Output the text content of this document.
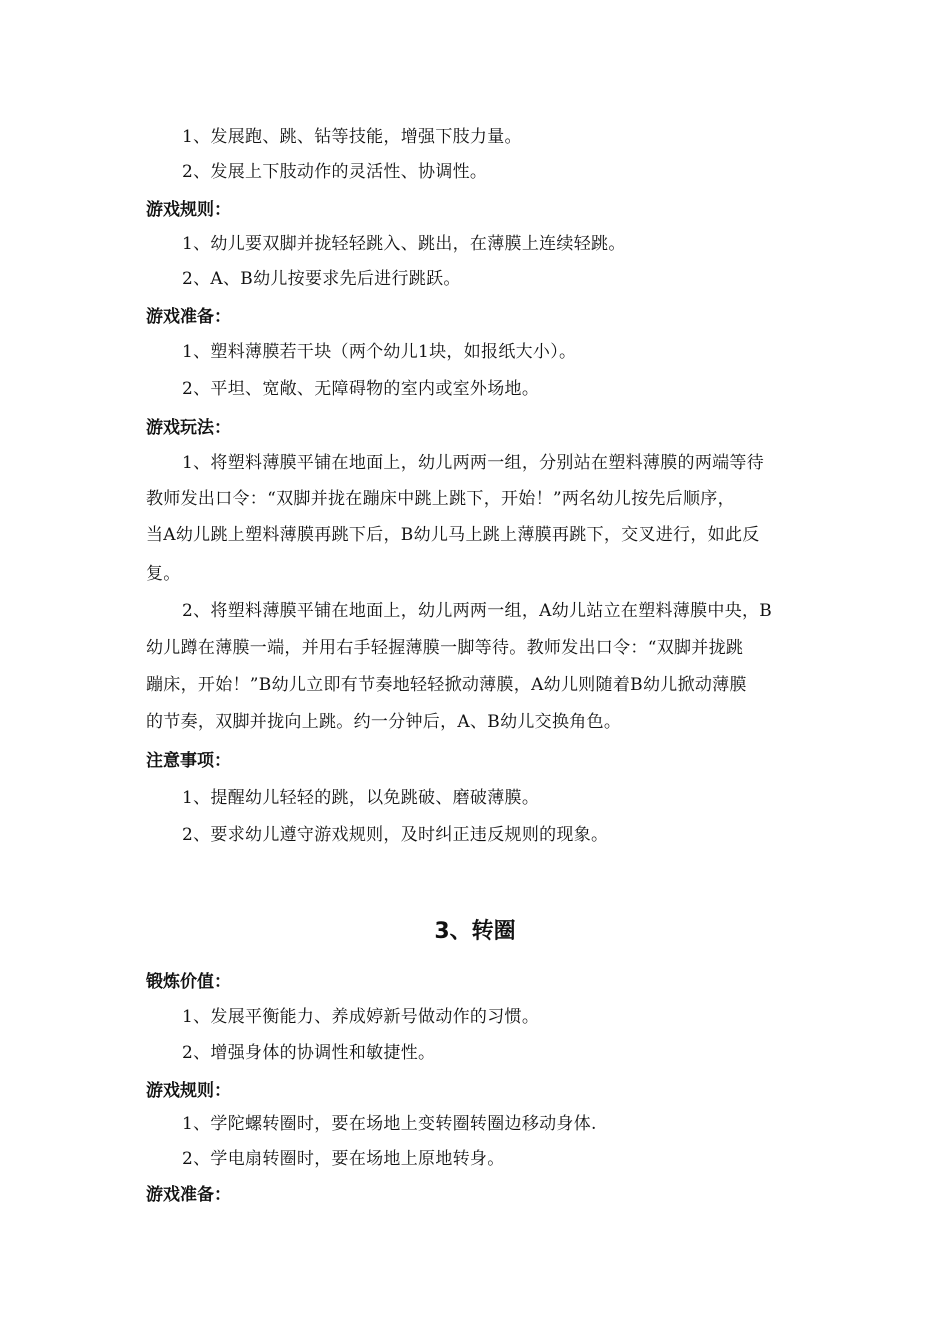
1、发展跑、跳、钻等技能，增强下肢力量。
2、发展上下肢动作的灵活性、协调性。
游戏规则：
1、幼儿要双脚并拢轻轻跳入、跳出，在薄膜上连续轻跳。
2、A、B幼儿按要求先后进行跳跃。
游戏准备：
1、塑料薄膜若干块（两个幼儿1块，如报纸大小）。
2、平坦、宽敞、无障碍物的室内或室外场地。
游戏玩法：
1、将塑料薄膜平铺在地面上，幼儿两两一组，分别站在塑料薄膜的两端等待
教师发出口令：“双脚并拢在蹦床中跳上跳下，开始！”两名幼儿按先后顺序，
当A幼儿跳上塑料薄膜再跳下后，B幼儿马上跳上薄膜再跳下，交叉进行，如此反
复。
2、将塑料薄膜平铺在地面上，幼儿两两一组，A幼儿站立在塑料薄膜中央，B
幼儿蹲在薄膜一端，并用右手轻握薄膜一脚等待。教师发出口令：“双脚并拢跳
蹦床，开始！”B幼儿立即有节奏地轻轻掀动薄膜，A幼儿则随着B幼儿掀动薄膜
的节奏，双脚并拢向上跳。约一分钟后，A、B幼儿交换角色。
注意事项：
1、提醒幼儿轻轻的跳，以免跳破、磨破薄膜。
2、要求幼儿遵守游戏规则，及时纠正违反规则的现象。
3、转圈
锻炼价值：
1、发展平衡能力、养成婷新号做动作的习惯。
2、增强身体的协调性和敏捷性。
游戏规则：
1、学陀螺转圈时，要在场地上变转圈转圈边移动身体.
2、学电扇转圈时，要在场地上原地转身。
游戏准备：
